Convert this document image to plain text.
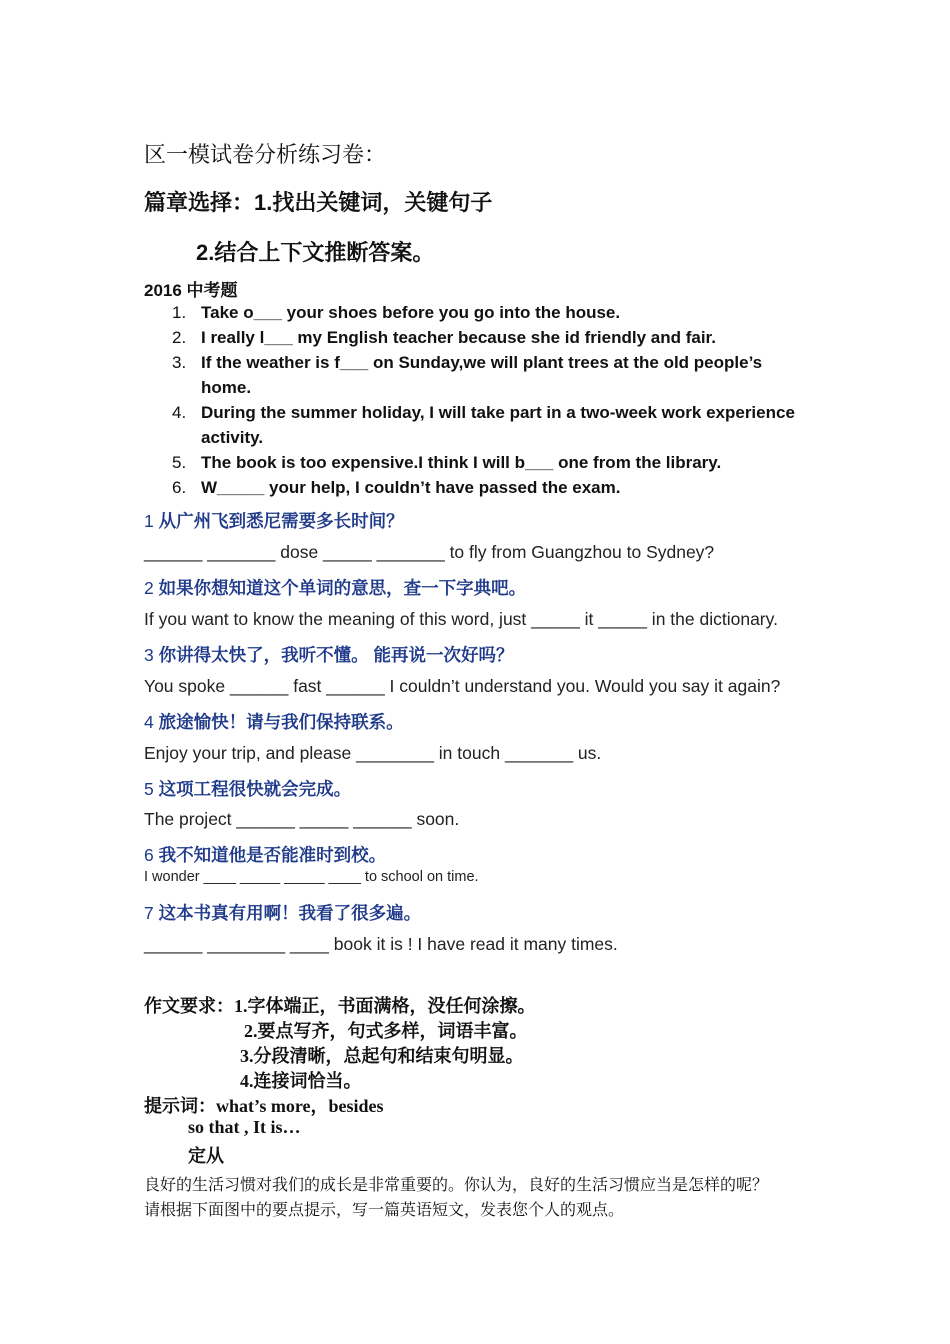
区一模试卷分析练习卷：
篇章选择：1.找出关键词，关键句子
2.结合上下文推断答案。
2016 中考题
1. Take o___ your shoes before you go into the house.
2. I really l___ my English teacher because she id friendly and fair.
3. If the weather is f___ on Sunday,we will plant trees at the old people’s home.
4. During the summer holiday, I will take part in a two-week work experience activity.
5. The book is too expensive.I think I will b___ one from the library.
6. W_____ your help, I couldn’t have passed the exam.
1 从广州飞到悉尼需要多长时间？
______ _______ dose _____ _______ to fly from Guangzhou to Sydney?
2 如果你想知道这个单词的意思，查一下字典吧。
If you want to know the meaning of this word, just _____ it _____ in the dictionary.
3 你讲得太快了，我听不懂。 能再说一次好吗？
You spoke ______ fast ______ I couldn’t understand you. Would you say it again?
4 旅途愉快！请与我们保持联系。
Enjoy your trip, and please ________ in touch _______ us.
5 这项工程很快就会完成。
The project ______ _____ ______ soon.
6 我不知道他是否能准时到校。
I wonder ____ _____ _____ ____ to school on time.
7 这本书真有用啊！我看了很多遍。
______ ________ ____ book it is ! I have read it many times.
作文要求：1.字体端正，书面满格，没任何涂擦。
2.要点写齐，句式多样，词语丰富。
3.分段清晰，总起句和结束句明显。
4.连接词恰当。
提示词：what’s more，besides
so that , It is…
定从
良好的生活习惯对我们的成长是非常重要的。你认为，良好的生活习惯应当是怎样的呢？
请根据下面图中的要点提示，写一篇英语短文，发表您个人的观点。
